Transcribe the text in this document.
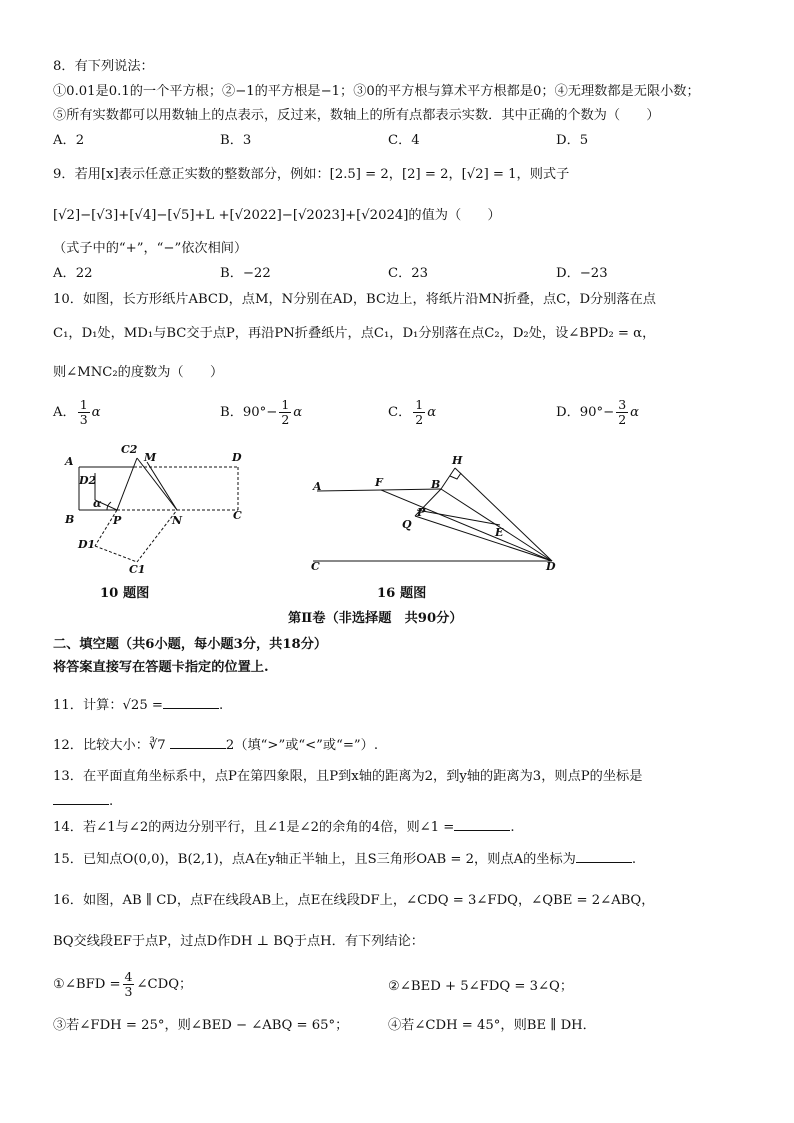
8．有下列说法：
①0.01是0.1的一个平方根；②−1的平方根是−1；③0的平方根与算术平方根都是0；④无理数都是无限小数；
⑤所有实数都可以用数轴上的点表示，反过来，数轴上的所有点都表示实数．其中正确的个数为（　　）
A．2	B．3	C．4	D．5
9．若用[x]表示任意正实数的整数部分，例如：[2.5] = 2，[2] = 2，[√2] = 1，则式子
[√2]−[√3]+[√4]−[√5]+L +[√2022]−[√2023]+[√2024]的值为（　　）
（式子中的“+”，“−”依次相间）
A．22	B．−22	C．23	D．−23
10．如图，长方形纸片ABCD，点M，N分别在AD，BC边上，将纸片沿MN折叠，点C，D分别落在点
C₁，D₁处，MD₁与BC交于点P，再沿PN折叠纸片，点C₁，D₁分别落在点C₂，D₂处，设∠BPD₂ = α，
则∠MNC₂的度数为（　　）
A． $\frac{1}{3}$ α	B．$90^\circ- \frac{1}{2}$ α	C． $\frac{1}{2}$ α	D．$90^\circ- \frac{3}{2}$ α
A
C2
M	D
D2
α
B	P	N	C
D1
C1
10 题图
H
A	F	B
P
Q
E
C	D
16 题图
第Ⅱ卷（非选择题　共90分）
二、填空题（共6小题，每小题3分，共18分）
将答案直接写在答题卡指定的位置上.
11．计算：√25 =	.
12．比较大小：∛7	2（填“>”或“<”或“=”）.
13．在平面直角坐标系中，点P在第四象限，且P到x轴的距离为2，到y轴的距离为3，则点P的坐标是
.
14．若∠1与∠2的两边分别平行，且∠1是∠2的余角的4倍，则∠1 =	.
15．已知点O(0,0)，B(2,1)，点A在y轴正半轴上，且S三角形OAB = 2，则点A的坐标为	.
16．如图，AB ∥ CD，点F在线段AB上，点E在线段DF上，∠CDQ = 3∠FDQ，∠QBE = 2∠ABQ，
BQ交线段EF于点P，过点D作DH ⊥ BQ于点H．有下列结论：
①∠BFD = $\frac{4}{3}$ ∠CDQ；	②∠BED + 5∠FDQ = 3∠Q；
③若∠FDH = 25°，则∠BED − ∠ABQ = 65°；	④若∠CDH = 45°，则BE ∥ DH．
